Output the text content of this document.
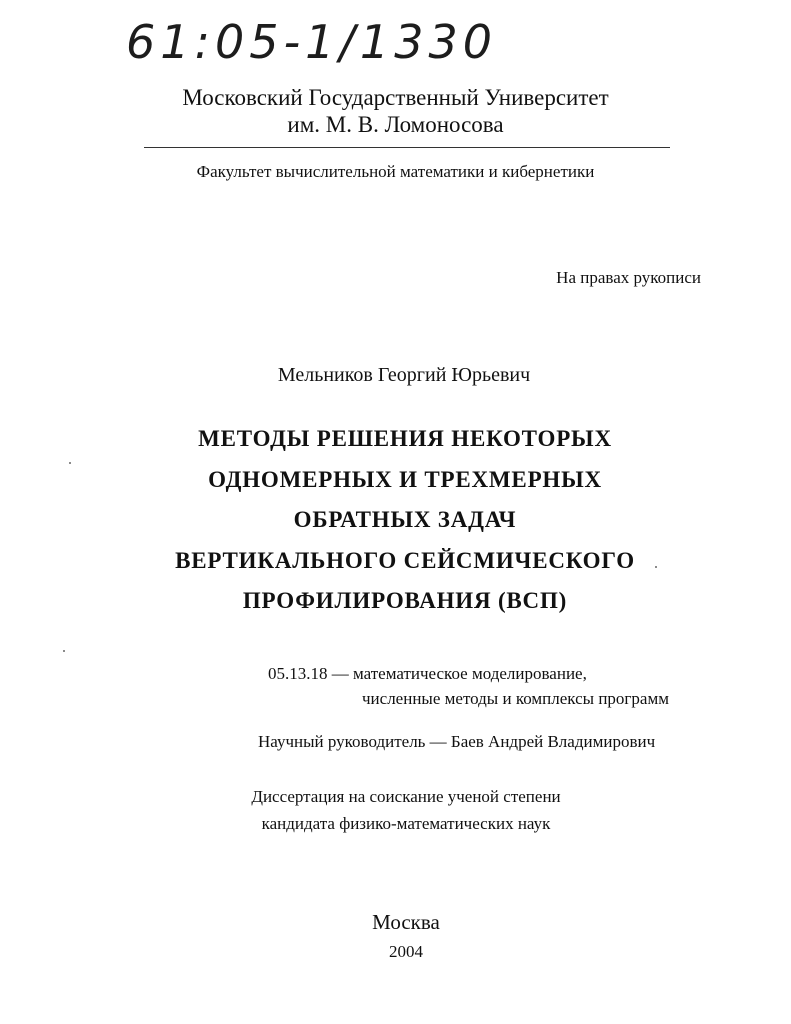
61:05-1/1330
Московский Государственный Университет
им. М. В. Ломоносова
Факультет вычислительной математики и кибернетики
На правах рукописи
Мельников Георгий Юрьевич
МЕТОДЫ РЕШЕНИЯ НЕКОТОРЫХ
ОДНОМЕРНЫХ И ТРЕХМЕРНЫХ
ОБРАТНЫХ ЗАДАЧ
ВЕРТИКАЛЬНОГО СЕЙСМИЧЕСКОГО
ПРОФИЛИРОВАНИЯ (ВСП)
05.13.18 — математическое моделирование,
численные методы и комплексы программ
Научный руководитель — Баев Андрей Владимирович
Диссертация на соискание ученой степени
кандидата физико-математических наук
Москва
2004
